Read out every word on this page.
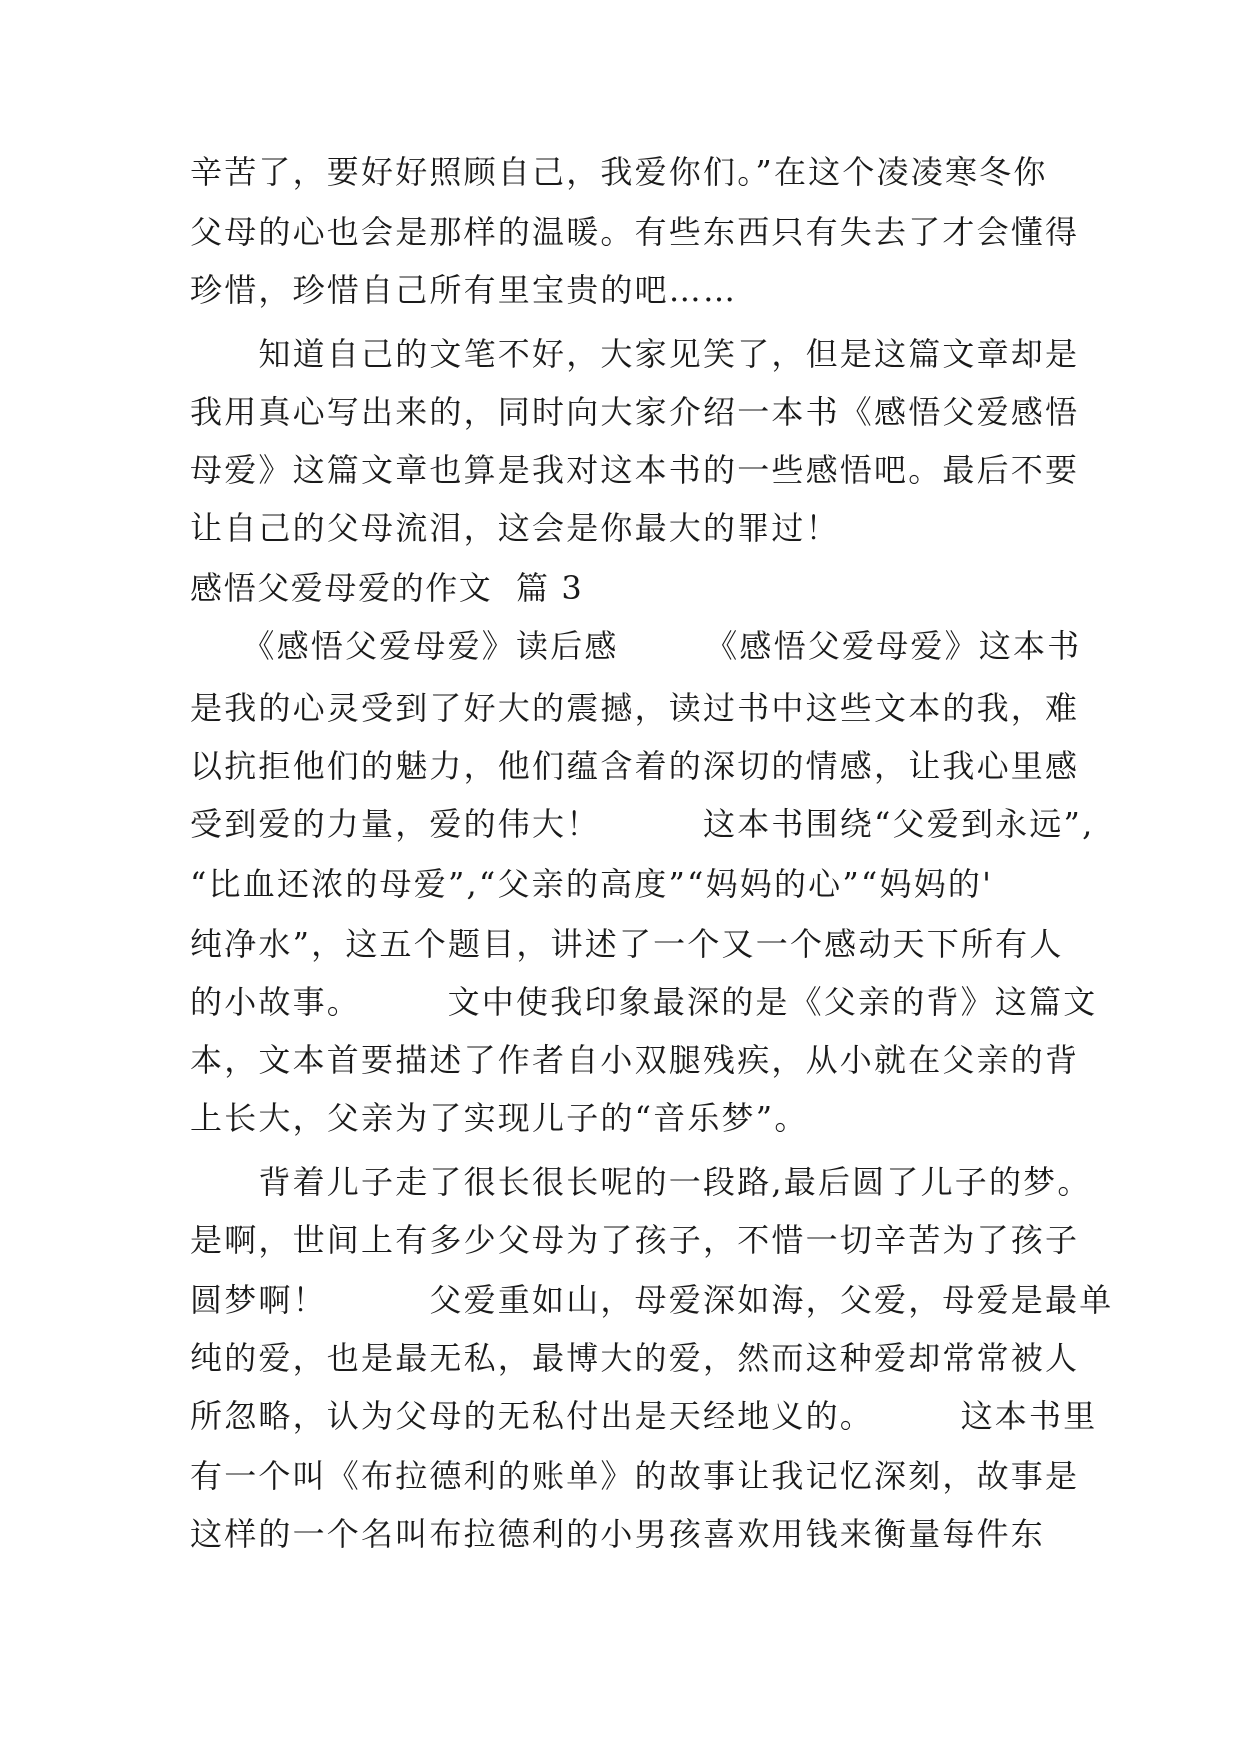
辛苦了，要好好照顾自己，我爱你们。”在这个凌凌寒冬你
父母的心也会是那样的温暖。有些东西只有失去了才会懂得
珍惜，珍惜自己所有里宝贵的吧……
　　知道自己的文笔不好，大家见笑了，但是这篇文章却是
我用真心写出来的，同时向大家介绍一本书《感悟父爱感悟
母爱》这篇文章也算是我对这本书的一些感悟吧。最后不要
让自己的父母流泪，这会是你最大的罪过！
感悟父爱母爱的作文  篇 3
　　《感悟父爱母爱》读后感　　　《感悟父爱母爱》这本书
是我的心灵受到了好大的震撼，读过书中这些文本的我，难
以抗拒他们的魅力，他们蕴含着的深切的情感，让我心里感
受到爱的力量，爱的伟大！　　　这本书围绕“父爱到永远”,
“比血还浓的母爱”,“父亲的高度”“妈妈的心”“妈妈的'
纯净水”，这五个题目，讲述了一个又一个感动天下所有人
的小故事。　　　文中使我印象最深的是《父亲的背》这篇文
本，文本首要描述了作者自小双腿残疾，从小就在父亲的背
上长大，父亲为了实现儿子的“音乐梦”。
　　背着儿子走了很长很长呢的一段路,最后圆了儿子的梦。
是啊，世间上有多少父母为了孩子，不惜一切辛苦为了孩子
圆梦啊！　　　父爱重如山，母爱深如海，父爱，母爱是最单
纯的爱，也是最无私，最博大的爱，然而这种爱却常常被人
所忽略，认为父母的无私付出是天经地义的。　　　这本书里
有一个叫《布拉德利的账单》的故事让我记忆深刻，故事是
这样的一个名叫布拉德利的小男孩喜欢用钱来衡量每件东
